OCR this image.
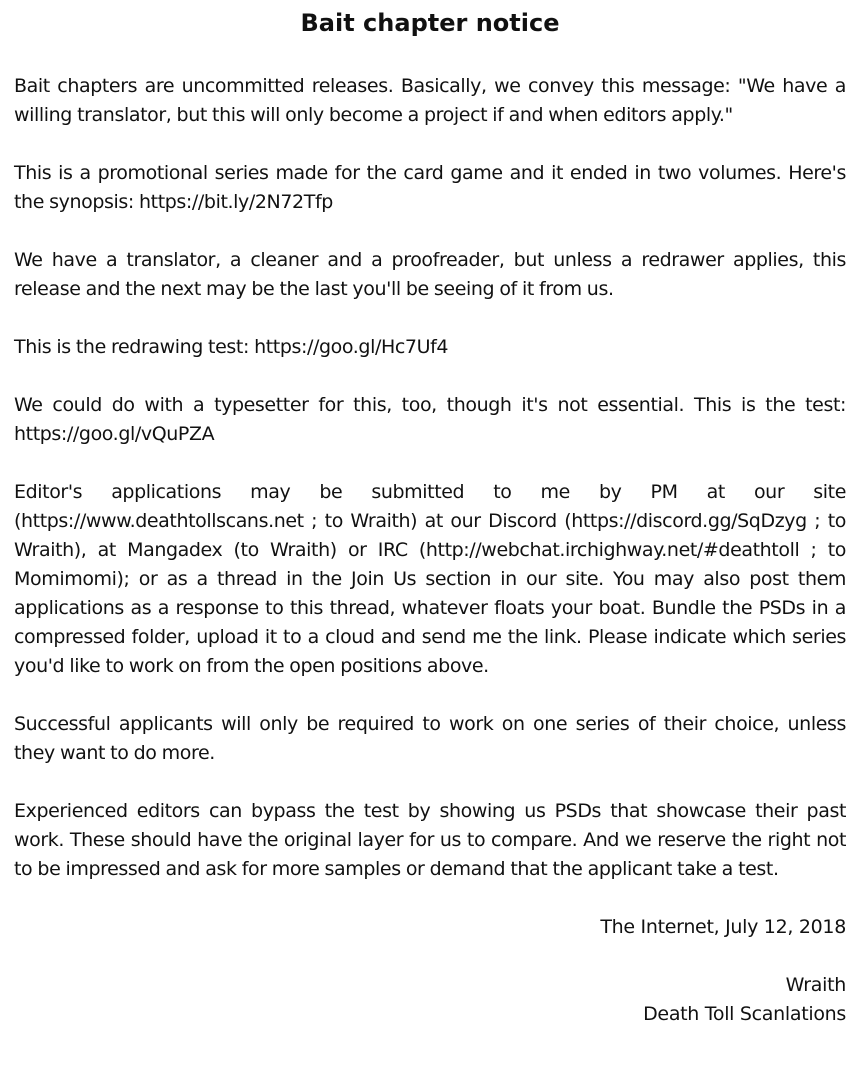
Bait chapter notice

Bait chapters are uncommitted releases. Basically, we convey this message: "We have a willing translator, but this will only become a project if and when editors apply."

This is a promotional series made for the card game and it ended in two volumes. Here's the synopsis: https://bit.ly/2N72Tfp

We have a translator, a cleaner and a proofreader, but unless a redrawer applies, this release and the next may be the last you'll be seeing of it from us.

This is the redrawing test: https://goo.gl/Hc7Uf4

We could do with a typesetter for this, too, though it's not essential. This is the test: https://goo.gl/vQuPZA

Editor's applications may be submitted to me by PM at our site (https://www.deathtollscans.net ; to Wraith) at our Discord (https://discord.gg/SqDzyg ; to Wraith), at Mangadex (to Wraith) or IRC (http://webchat.irchighway.net/#deathtoll ; to Momimomi); or as a thread in the Join Us section in our site. You may also post them applications as a response to this thread, whatever floats your boat. Bundle the PSDs in a compressed folder, upload it to a cloud and send me the link. Please indicate which series you'd like to work on from the open positions above.

Successful applicants will only be required to work on one series of their choice, unless they want to do more.

Experienced editors can bypass the test by showing us PSDs that showcase their past work. These should have the original layer for us to compare. And we reserve the right not to be impressed and ask for more samples or demand that the applicant take a test.

The Internet, July 12, 2018

Wraith

Death Toll Scanlations
